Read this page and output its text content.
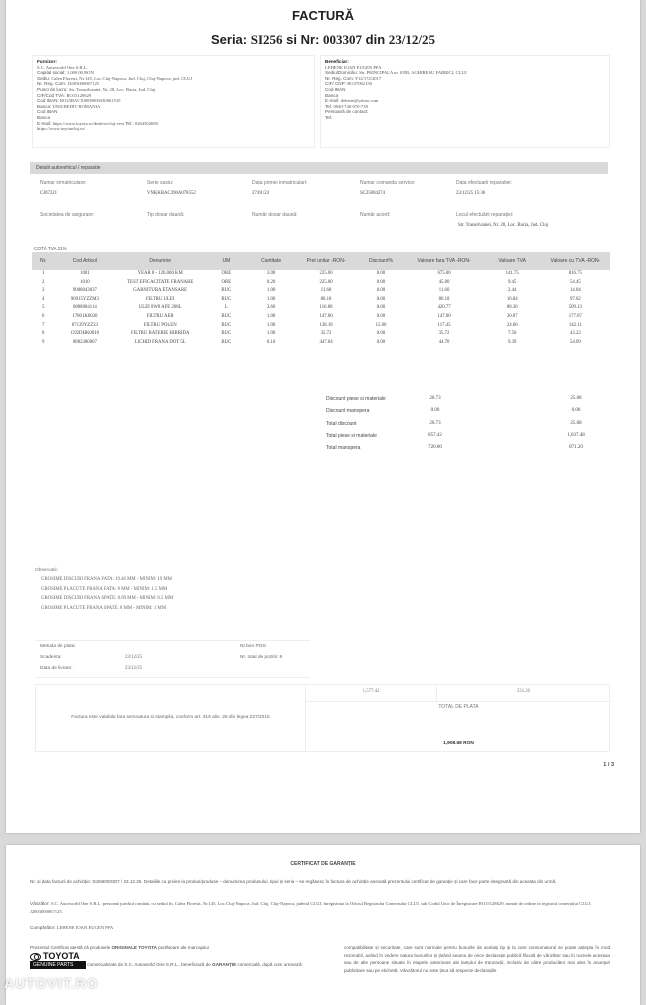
FACTURĂ
Seria: SI256 si Nr: 003307 din 23/12/25
Furnizor:
S.C. Autoworld One S.R.L.
Capital social: 1,000.00 RON
Sediu: Calea Floresti, Nr.145, Loc.Cluj-Napoca, Jud. Cluj, Cluj-Napoca, jud. CLUJ
Nr. Reg. Com: J2003000067125
Punct de lucru: Str. Transilvaniei, Nr. 28, Loc. Bacia, Jud. Cluj
CIF/Cod TVA: RO15128629
Cod IBAN: RO23BACX0000000430061510
Banca: UNICREDIT ROMANIA
Cod IBAN
Banca
E-mail: https://www.toyota.ro/dealers/cluj-vest Tel.: 0264502690
https://www.toyotacluj.ro/
Beneficiar:
LEHENE IOAN EUGEN PFA
Sediu/Domiciliu: Str. PRINCIPALA nr 105B, AGHIRESU FABRICI, CLUJ
Nr. Reg. Com: F12/172/2017
CIF/ CNP: RO37062150
Cod IBAN
Banca
E-mail: ilehene@yahoo.com
Tel: 0040-740-070-739
Persoană de contact:
Tel:
Detalii autovehicul / reparatie
Numar inmatriculare:
CJ07221
Serie sasiu:
VNKKBAC390A078552
Data primei inmatriculari:
27/01/23
Numar comanda service:
SC25004274
Data efectuarii reparatiei:
23/12/25 15:36
Societatea de asigurare:	Tip dosar daună:	Număr dosar daună:	Număr acord:	Locul efectuării reparației:
Str. Transilvaniei, Nr. 28, Loc. Bacia, Jud. Cluj
COTĂ TVA 21%
Nr.	Cod Articol	Denumire	UM	Cantitate	Pret unitar -RON-	Discount%	Valoare fara TVA -RON-	Valoare TVA	Valoare cu TVA -RON-
1	1001	YEAR 8 - 120,000 KM	ORE	3.00	225.00	0.00	675.00	141.75	816.75
2	1010	TEST EFICACITATE FRANARE	ORE	0.20	225.00	0.00	45.00	9.45	54.45
3	9008043037	GARNITURA ETANSARE	BUC	1.00	11.60	0.00	11.60	2.44	14.04
4	90915YZZM3	FILTRU ULEI	BUC	1.00	80.18	0.00	80.18	16.84	97.02
5	0888084114	ULEI 0W8 AFE 208L	L	3.60	116.88	0.00	420.77	88.36	509.13
6	17801K0030	FILTRU AER	BUC	1.00	147.00	0.00	147.00	30.87	177.87
7	87139YZZ33	FILTRU POLEN	BUC	1.00	138.18	15.00	117.45	24.66	142.11
8	G92DHK0010	FILTRU BATERIE HIBRIDA	BUC	1.00	35.72	0.00	35.72	7.50	43.22
9	0882380007	LICHID FRANA DOT 5L	BUC	0.10	447.04	0.00	44.70	9.39	54.09
Discount piese si materiale	20.73	25.08
Discount manopera	0.00	0.00
Total discount	20.73	25.08
Total piese si materiale	857.42	1,037.48
Total manopera	720.00	871.20
Observatii:
GROSIME DISCURI FRANA FATA: 19.46 MM - MINIM: 19 MM
GROSIME PLACUTE FRANA FATA: 8 MM - MINIM: 1.5 MM
GROSIME DISCURI FRANA SPATE: 8.89 MM - MINIM: 8.5 MM
GROSIME PLACUTE FRANA SPATE: 8 MM - MINIM: 1 MM
Metoda de plata:
Scadenta:	23/12/25
Data de livrare:	23/12/25
Nr.bon POS:
Nr. total de pozitii: 9
Factura este valabila fara semnatura si stampila, conform art. 319 alin. 29 din legea 227/2015
1,577.42	331.26
TOTAL DE PLATA
1,908.68 RON
1 / 3
CERTIFICAT DE GARANȚIE
Nr. și data facturii de achiziție: SI256003307 / 23.12.25. Detaliile cu privire la produs/produse – denumirea produsului, tipul și seria – se regăsesc în factura de achiziție anexată prezentului certificat de garanție și care face parte integrantă din aceasta din urmă.
Vânzător: S.C. Autoworld One S.R.L. persoană juridică română, cu sediul în, Calea Floresti, Nr.145, Loc.Cluj-Napoca, Jud. Cluj, Cluj-Napoca, judetul CLUJ, înregistrata la Oficiul Registrului Comertului CLUJ, sub Codul Unic de Înregistrare RO15128629, număr de ordine in registrul comerțului CLUJ, J2003000067125.
Cumpărător: LEHENE IOAN EUGEN PFA
Prezentul Certificat atestă că produsele ORIGINALE TOYOTA purtătoare ale marcajului
TOYOTA
GENUINE PARTS	comercializate de S.C. Autoworld One S.R.L., beneficiază de GARANȚIE comercială, după cum urmează:
compatibilitate și securitate, care sunt normale pentru bunurile de același tip și la care consumatorul se poate aștepta în mod rezonabil, având în vedere natura bunurilor și ținând seama de orice declarație publică făcută de vânzător sau în numele acestuia sau de alte persoane situate în etapele anterioare ale lanțului de tranzacții, inclusiv de către producător mai ales în anunțuri publicitare sau pe etichetă. Vânzătorul nu este ținut să respecte declarațiile
AUTOVIT.RO
